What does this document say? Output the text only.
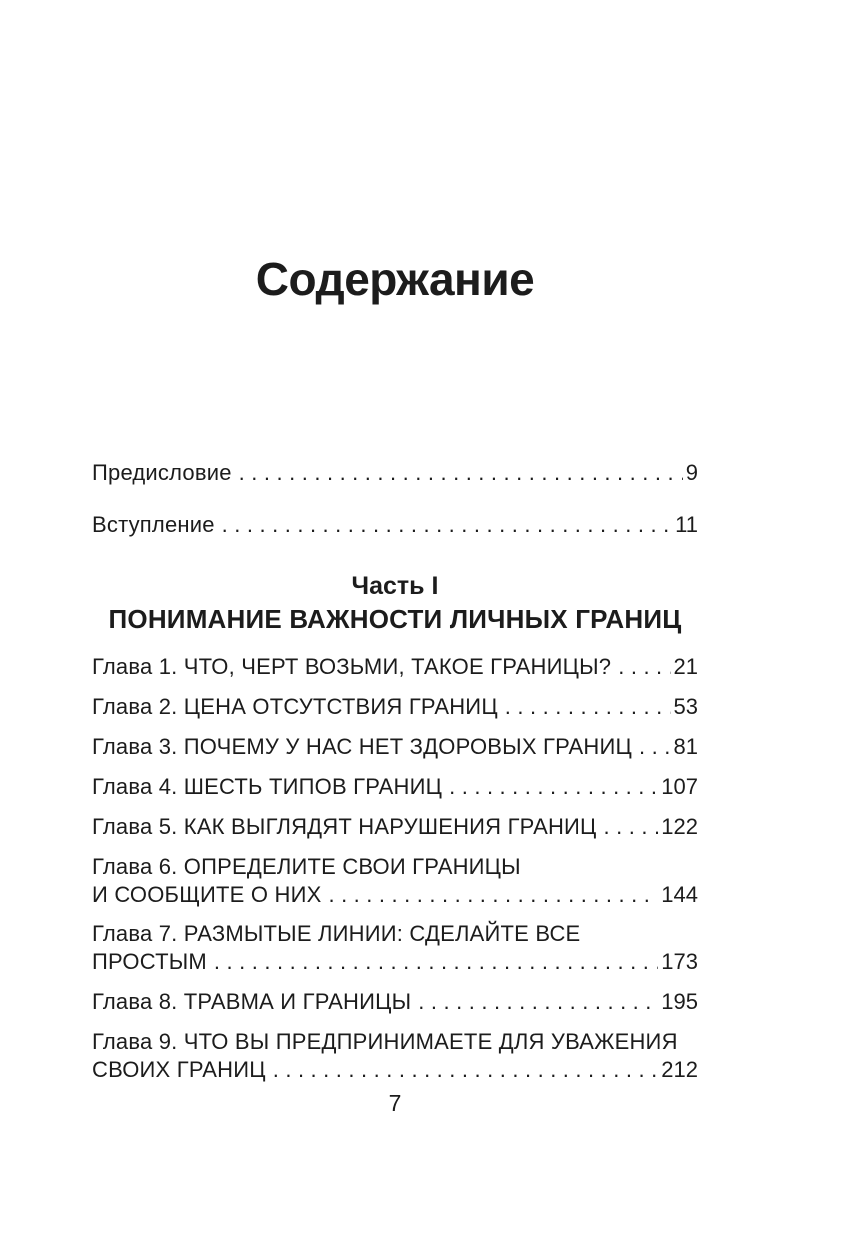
Содержание
Предисловие .....	9
Вступление .....	11
Часть I
ПОНИМАНИЕ ВАЖНОСТИ ЛИЧНЫХ ГРАНИЦ
Глава 1. ЧТО, ЧЕРТ ВОЗЬМИ, ТАКОЕ ГРАНИЦЫ? .....	21
Глава 2. ЦЕНА ОТСУТСТВИЯ ГРАНИЦ .....	53
Глава 3. ПОЧЕМУ У НАС НЕТ ЗДОРОВЫХ ГРАНИЦ ..... 81
Глава 4. ШЕСТЬ ТИПОВ ГРАНИЦ .....	107
Глава 5. КАК ВЫГЛЯДЯТ НАРУШЕНИЯ ГРАНИЦ .....	122
Глава 6. ОПРЕДЕЛИТЕ СВОИ ГРАНИЦЫ
И СООБЩИТЕ О НИХ .....	144
Глава 7. РАЗМЫТЫЕ ЛИНИИ: СДЕЛАЙТЕ ВСЕ
ПРОСТЫМ .....	173
Глава 8. ТРАВМА И ГРАНИЦЫ .....	195
Глава 9. ЧТО ВЫ ПРЕДПРИНИМАЕТЕ ДЛЯ УВАЖЕНИЯ
СВОИХ ГРАНИЦ .....	212
7
